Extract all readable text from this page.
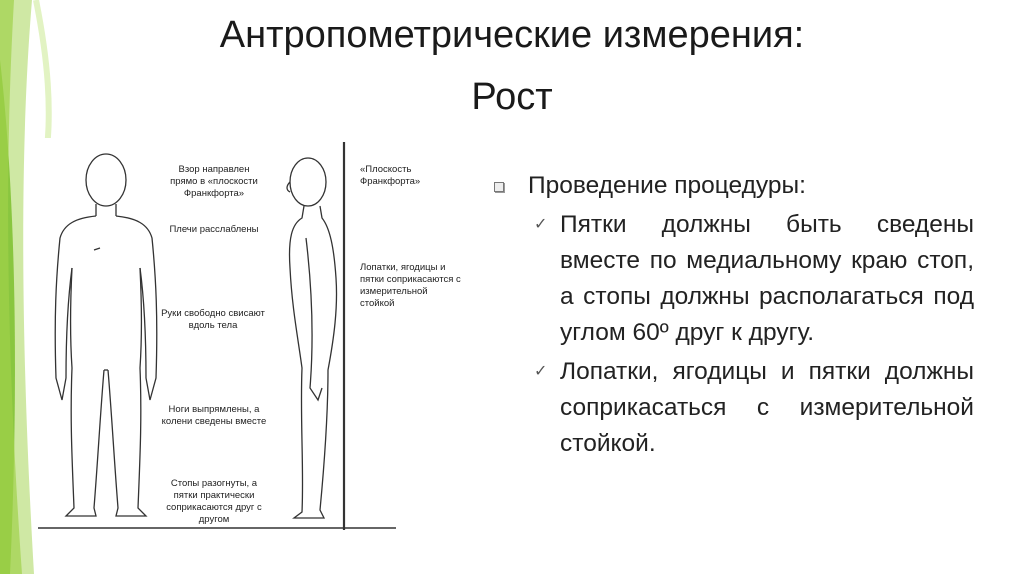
Антропометрические измерения:
Рост
Взор направлен прямо в «плоскости Франкфорта»
Плечи расслаблены
Руки свободно свисают вдоль тела
Ноги выпрямлены, а колени сведены вместе
Стопы разогнуты, а пятки практически соприкасаются друг с другом
«Плоскость Франкфорта»
Лопатки, ягодицы и пятки соприкасаются с измерительной стойкой
Проведение процедуры:
✓ Пятки должны быть сведены вместе по медиальному краю стоп, а стопы должны располагаться под углом 60º друг к другу.
✓ Лопатки, ягодицы и пятки должны соприкасаться с измерительной стойкой.
